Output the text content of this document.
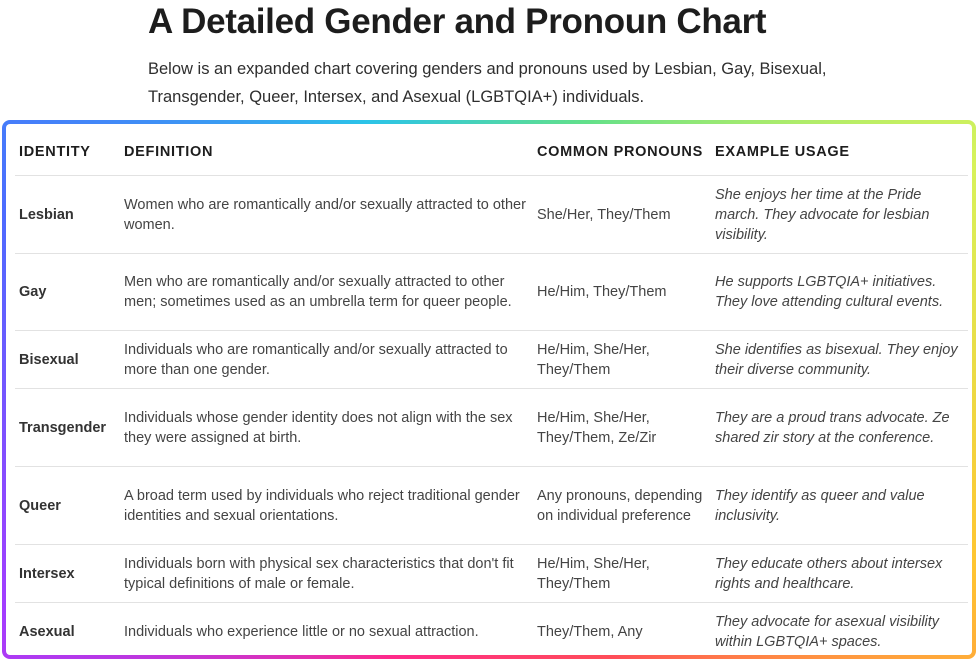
A Detailed Gender and Pronoun Chart

Below is an expanded chart covering genders and pronouns used by Lesbian, Gay, Bisexual, Transgender, Queer, Intersex, and Asexual (LGBTQIA+) individuals.

IDENTITY	DEFINITION	COMMON PRONOUNS	EXAMPLE USAGE
Lesbian	Women who are romantically and/or sexually attracted to other women.	She/Her, They/Them	She enjoys her time at the Pride march. They advocate for lesbian visibility.
Gay	Men who are romantically and/or sexually attracted to other men; sometimes used as an umbrella term for queer people.	He/Him, They/Them	He supports LGBTQIA+ initiatives. They love attending cultural events.
Bisexual	Individuals who are romantically and/or sexually attracted to more than one gender.	He/Him, She/Her, They/Them	She identifies as bisexual. They enjoy their diverse community.
Transgender	Individuals whose gender identity does not align with the sex they were assigned at birth.	He/Him, She/Her, They/Them, Ze/Zir	They are a proud trans advocate. Ze shared zir story at the conference.
Queer	A broad term used by individuals who reject traditional gender identities and sexual orientations.	Any pronouns, depending on individual preference	They identify as queer and value inclusivity.
Intersex	Individuals born with physical sex characteristics that don't fit typical definitions of male or female.	He/Him, She/Her, They/Them	They educate others about intersex rights and healthcare.
Asexual	Individuals who experience little or no sexual attraction.	They/Them, Any	They advocate for asexual visibility within LGBTQIA+ spaces.
